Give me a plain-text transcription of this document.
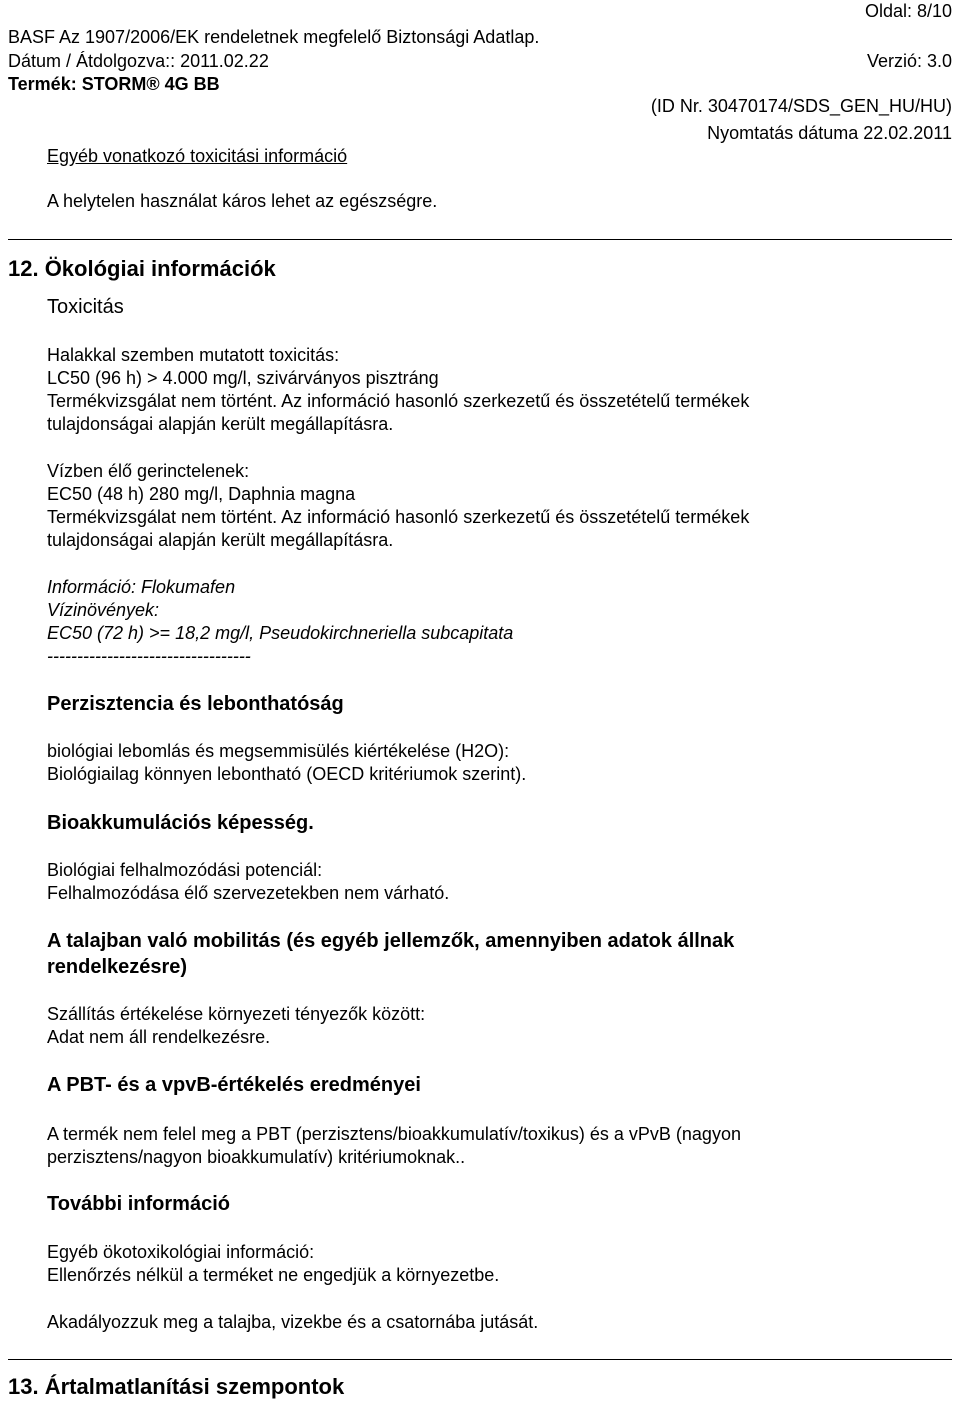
Oldal: 8/10
BASF Az 1907/2006/EK rendeletnek megfelelő Biztonsági Adatlap.
Dátum / Átdolgozva:: 2011.02.22	Verzió: 3.0
Termék: STORM® 4G BB
(ID Nr. 30470174/SDS_GEN_HU/HU)
Nyomtatás dátuma 22.02.2011
Egyéb vonatkozó toxicitási információ
A helytelen használat káros lehet az egészségre.
12. Ökológiai információk
Toxicitás
Halakkal szemben mutatott toxicitás:
LC50 (96 h) > 4.000 mg/l, szivárványos pisztráng
Termékvizsgálat nem történt. Az információ hasonló szerkezetű és összetételű termékek
tulajdonságai alapján került megállapításra.
Vízben élő gerinctelenek:
EC50 (48 h) 280 mg/l, Daphnia magna
Termékvizsgálat nem történt. Az információ hasonló szerkezetű és összetételű termékek
tulajdonságai alapján került megállapításra.
Információ: Flokumafen
Vízinövények:
EC50 (72 h) >= 18,2 mg/l, Pseudokirchneriella subcapitata
----------------------------------
Perzisztencia és lebonthatóság
biológiai lebomlás és megsemmisülés kiértékelése (H2O):
Biológiailag könnyen lebontható (OECD kritériumok szerint).
Bioakkumulációs képesség.
Biológiai felhalmozódási potenciál:
Felhalmozódása élő szervezetekben nem várható.
A talajban való mobilitás (és egyéb jellemzők, amennyiben adatok állnak
rendelkezésre)
Szállítás értékelése környezeti tényezők között:
Adat nem áll rendelkezésre.
A PBT- és a vpvB-értékelés eredményei
A termék nem felel meg a PBT (perzisztens/bioakkumulatív/toxikus) és a vPvB (nagyon
perzisztens/nagyon bioakkumulatív) kritériumoknak..
További információ
Egyéb ökotoxikológiai információ:
Ellenőrzés nélkül a terméket ne engedjük a környezetbe.
Akadályozzuk meg a talajba, vizekbe és a csatornába jutását.
13. Ártalmatlanítási szempontok
